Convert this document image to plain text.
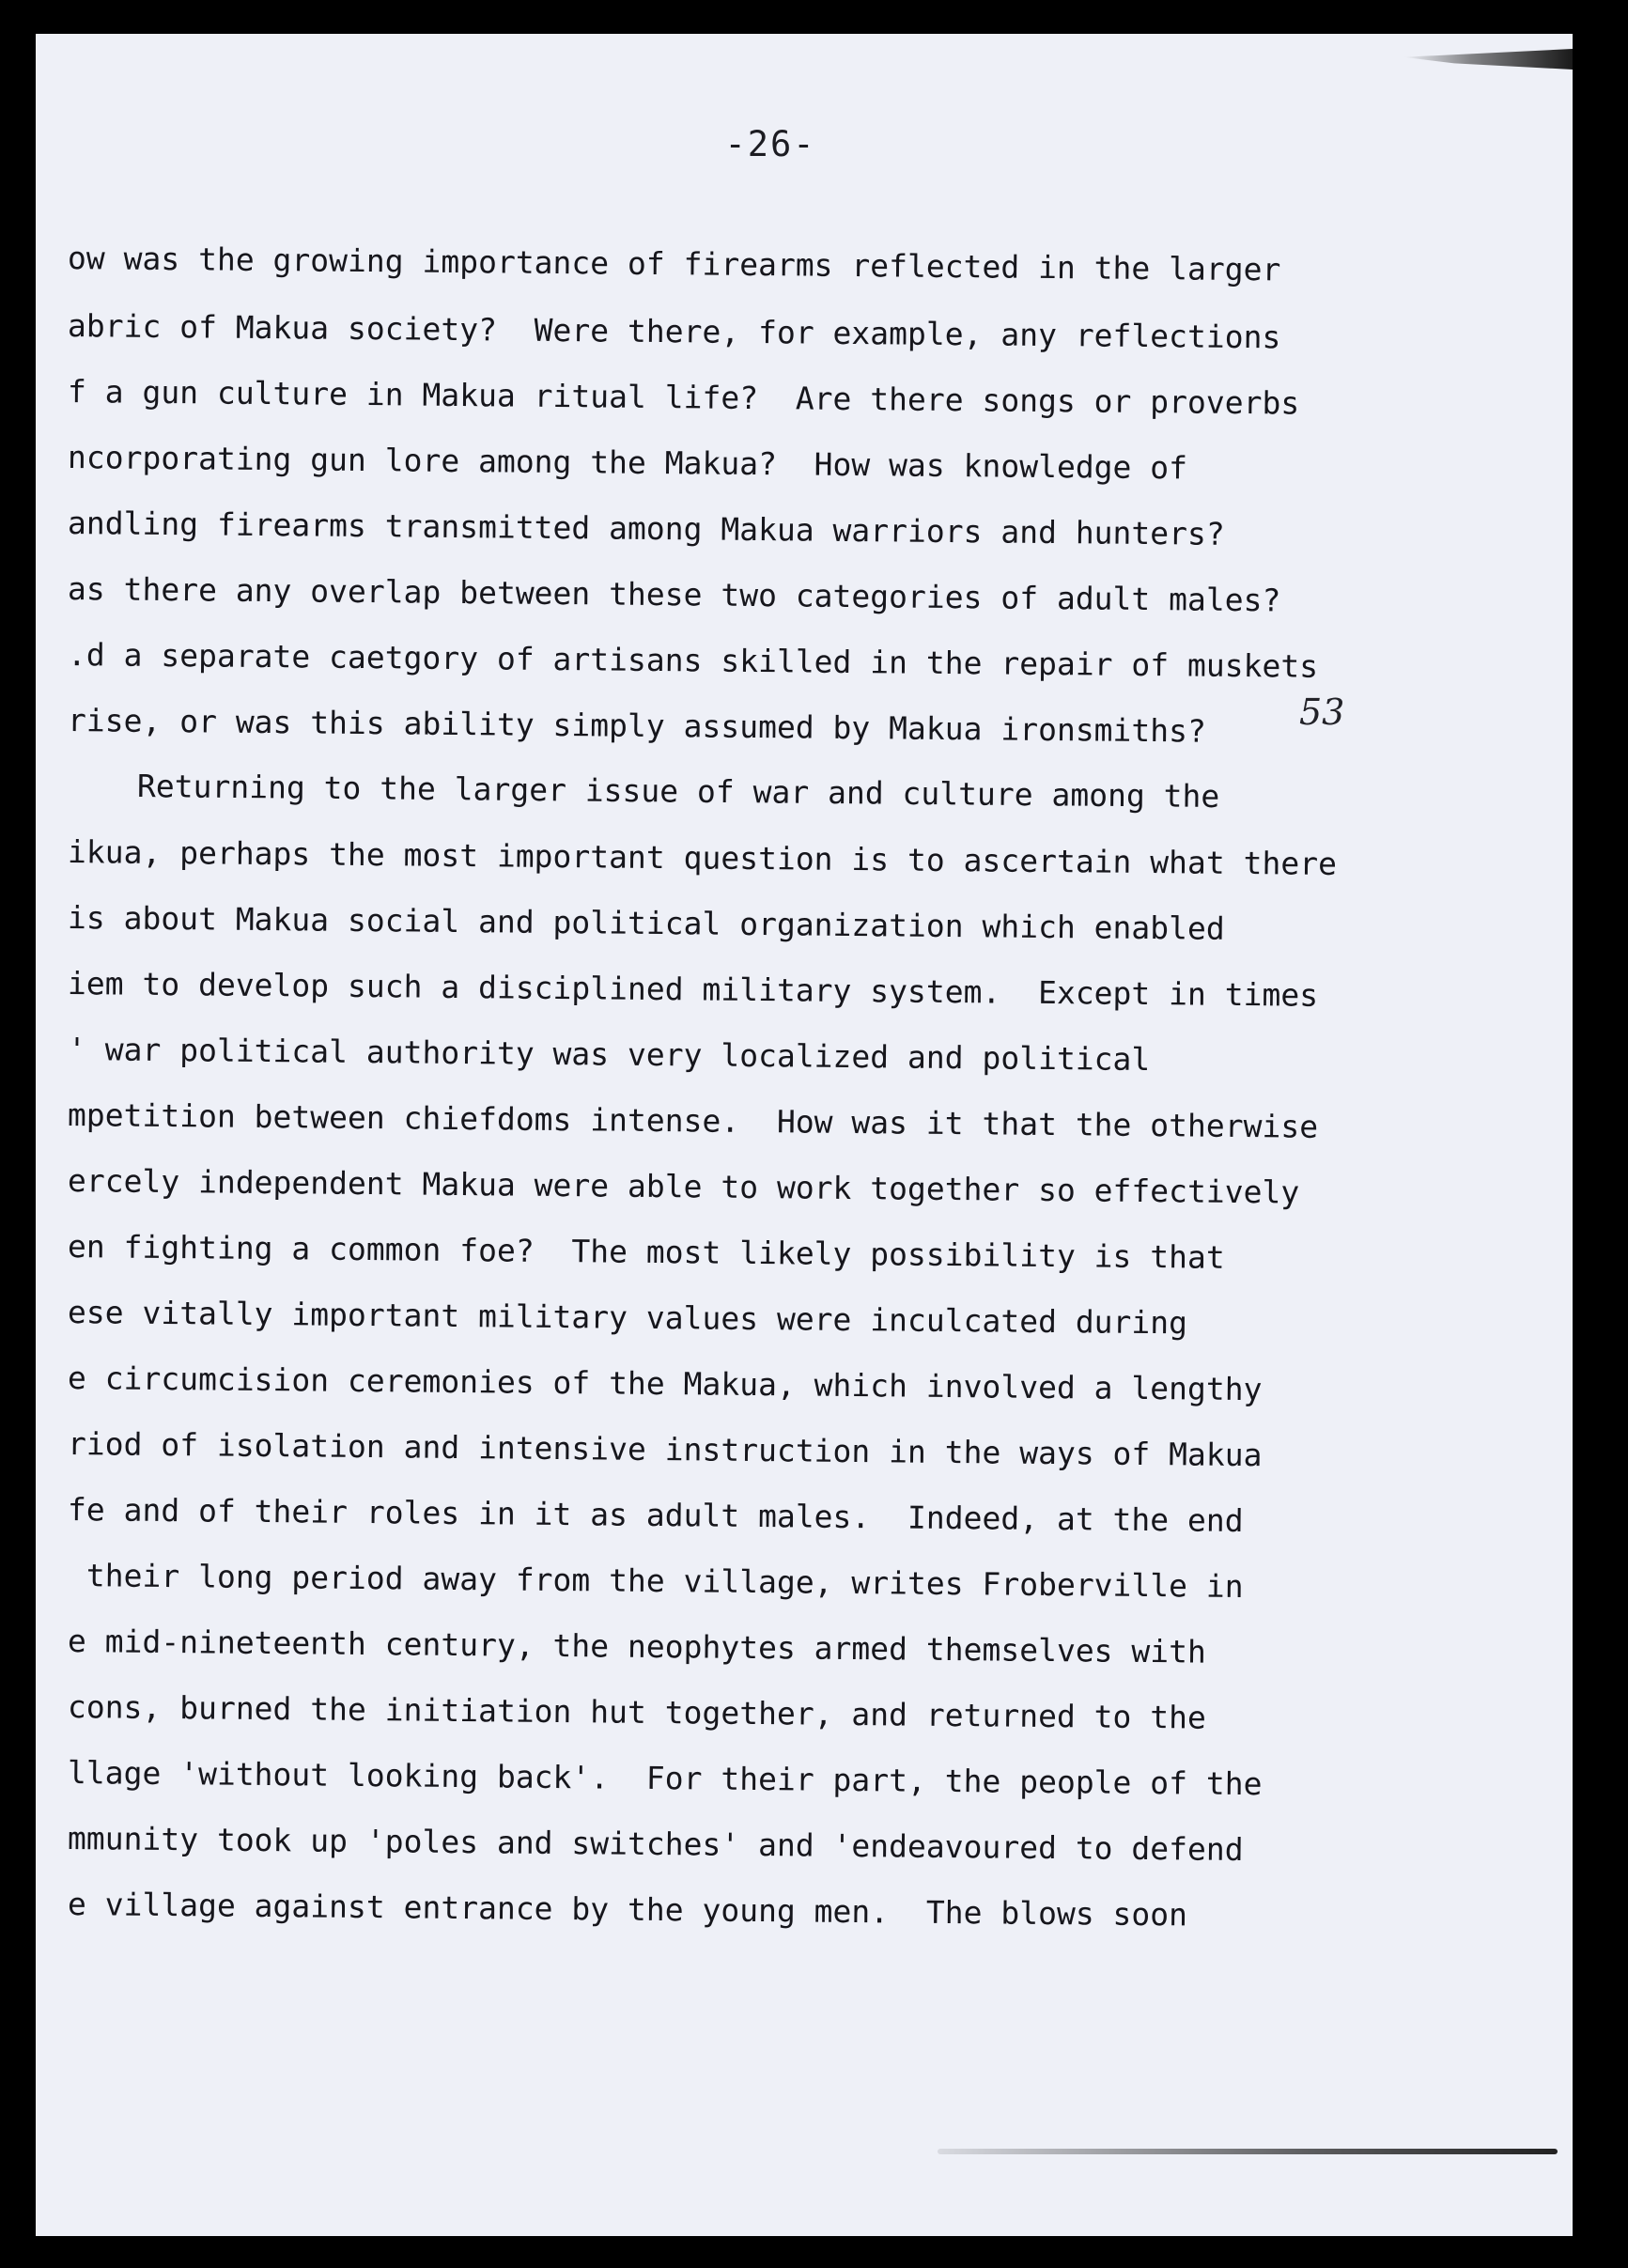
-26-
ow was the growing importance of firearms reflected in the larger
abric of Makua society?  Were there, for example, any reflections
f a gun culture in Makua ritual life?  Are there songs or proverbs
ncorporating gun lore among the Makua?  How was knowledge of
andling firearms transmitted among Makua warriors and hunters?
as there any overlap between these two categories of adult males?
.d a separate caetgory of artisans skilled in the repair of muskets
rise, or was this ability simply assumed by Makua ironsmiths?	53
Returning to the larger issue of war and culture among the
ikua, perhaps the most important question is to ascertain what there
is about Makua social and political organization which enabled
iem to develop such a disciplined military system.  Except in times
' war political authority was very localized and political
mpetition between chiefdoms intense.  How was it that the otherwise
ercely independent Makua were able to work together so effectively
en fighting a common foe?  The most likely possibility is that
ese vitally important military values were inculcated during
e circumcision ceremonies of the Makua, which involved a lengthy
riod of isolation and intensive instruction in the ways of Makua
fe and of their roles in it as adult males.  Indeed, at the end
their long period away from the village, writes Froberville in
e mid-nineteenth century, the neophytes armed themselves with
cons, burned the initiation hut together, and returned to the
llage 'without looking back'.  For their part, the people of the
mmunity took up 'poles and switches' and 'endeavoured to defend
e village against entrance by the young men.  The blows soon
